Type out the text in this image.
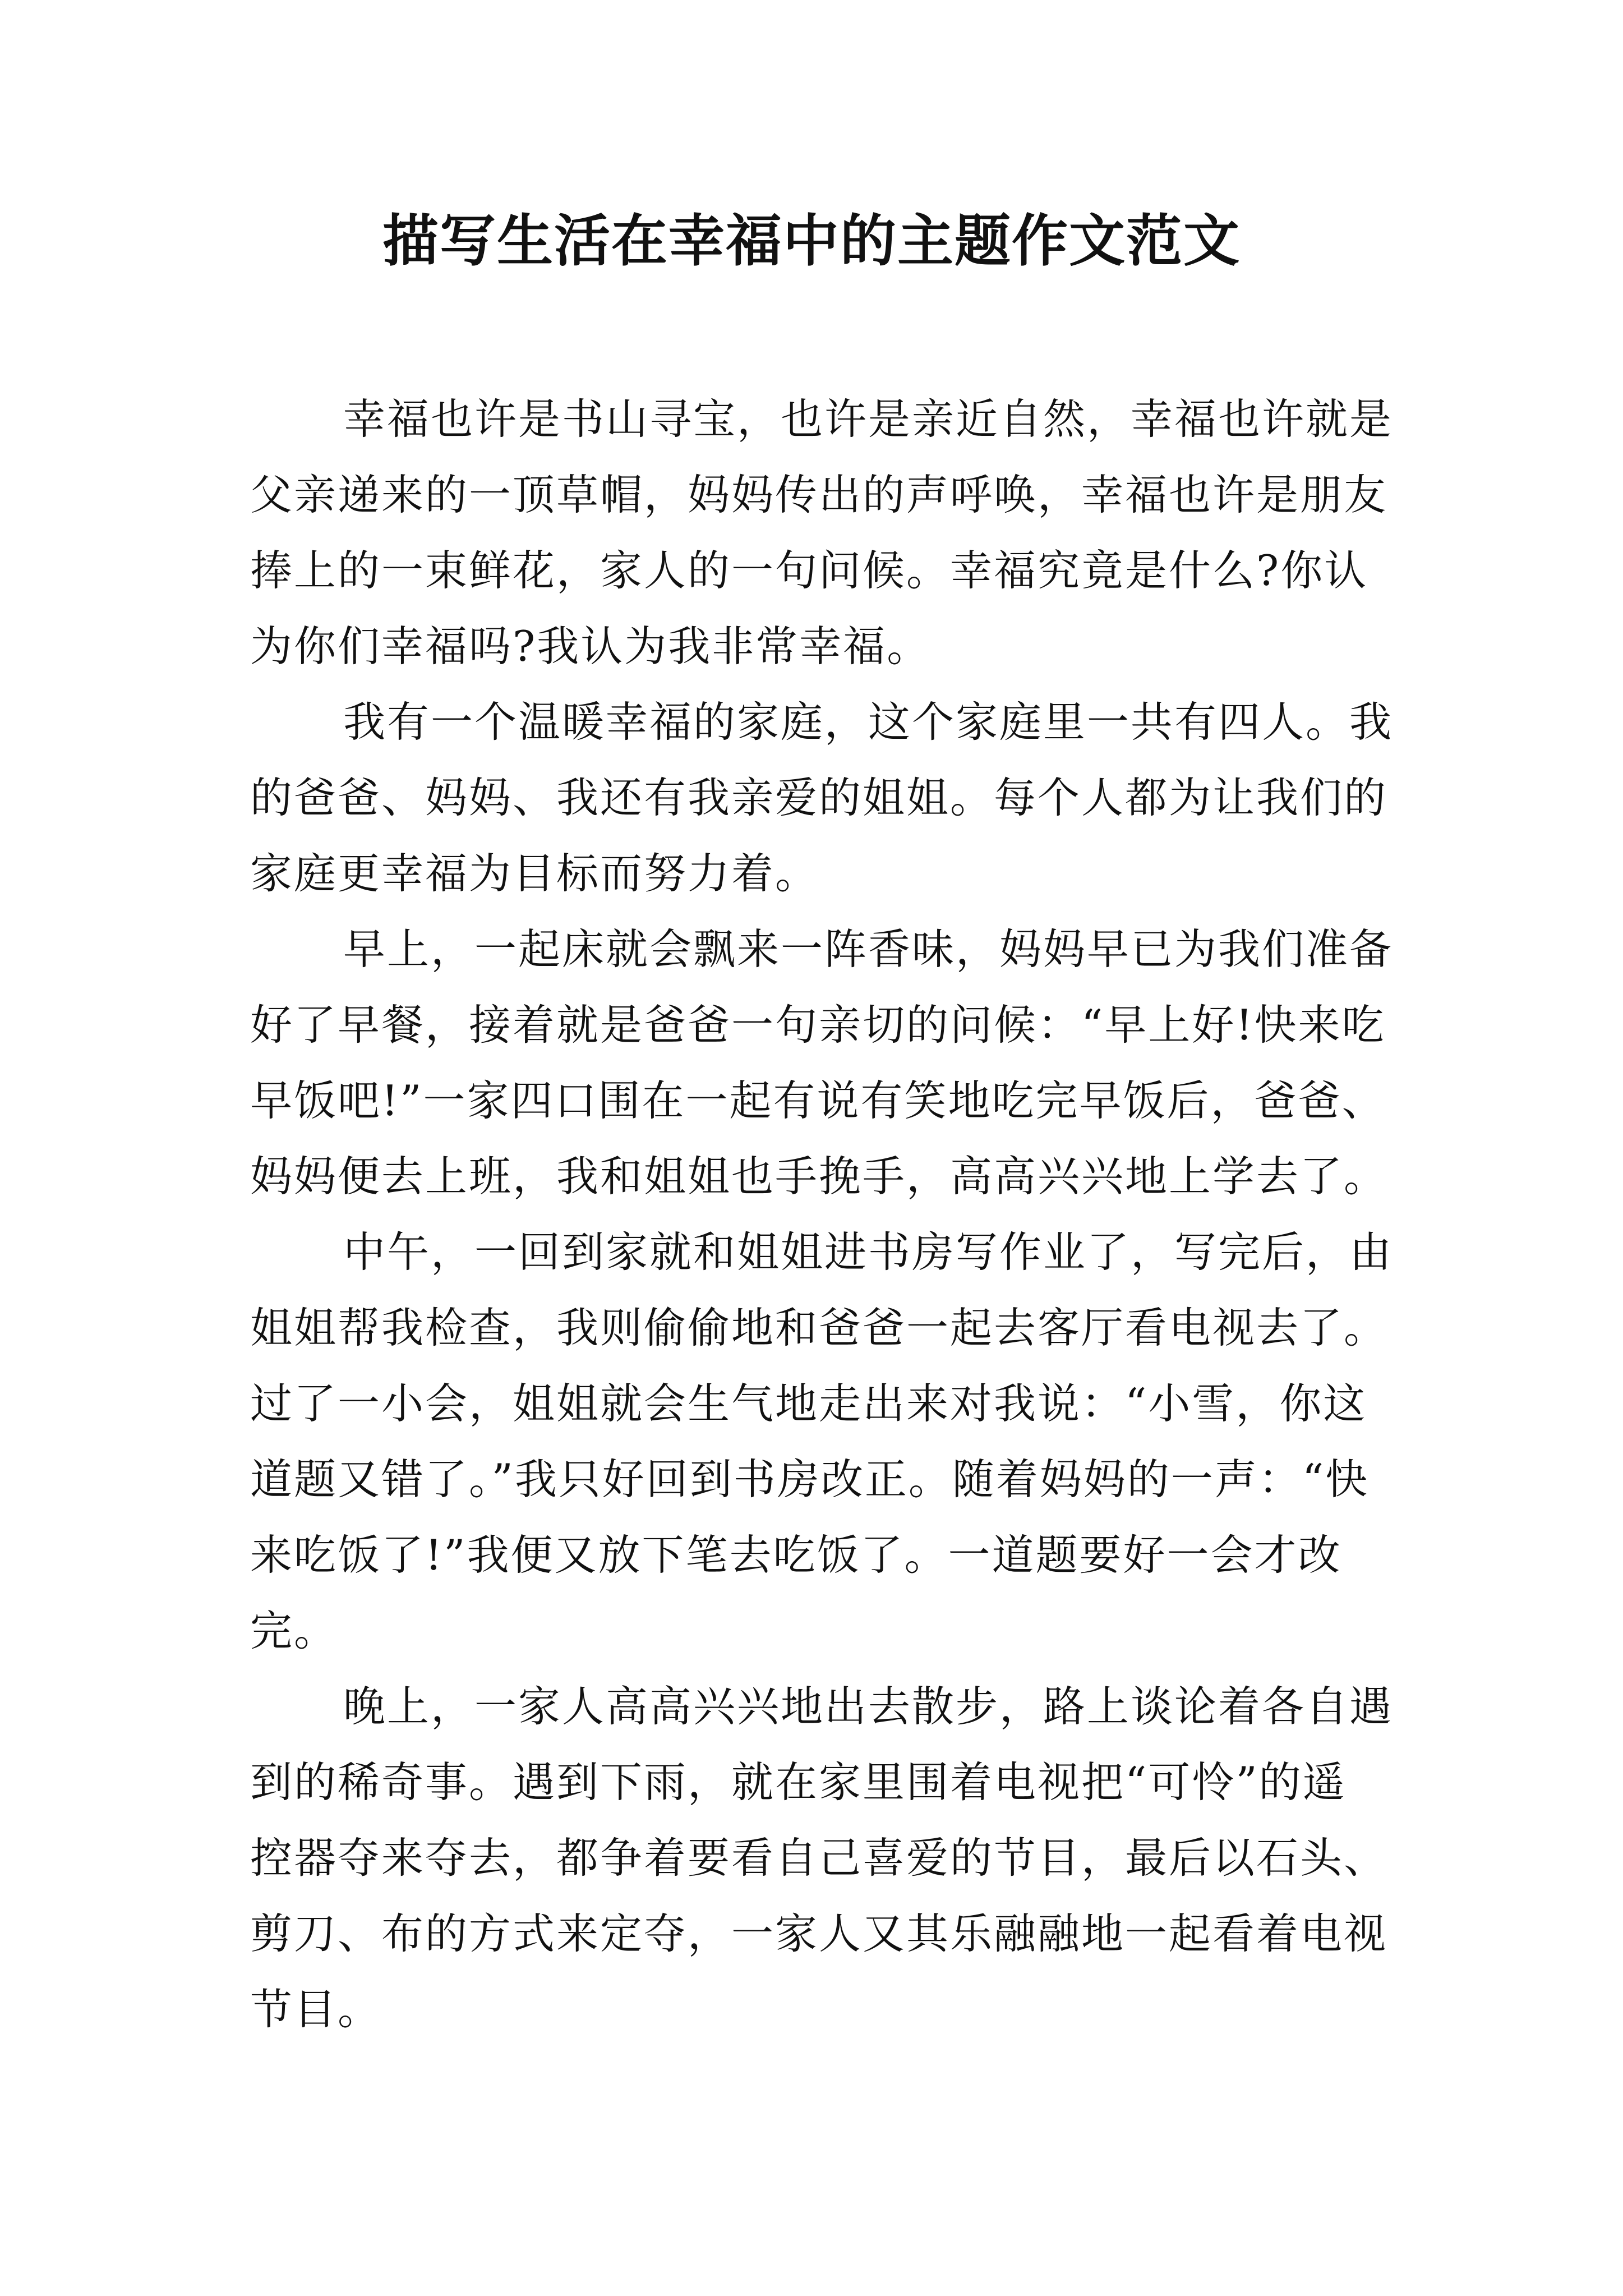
描写生活在幸福中的主题作文范文
幸福也许是书山寻宝，也许是亲近自然，幸福也许就是
父亲递来的一顶草帽，妈妈传出的声呼唤，幸福也许是朋友
捧上的一束鲜花，家人的一句问候。幸福究竟是什么?你认
为你们幸福吗?我认为我非常幸福。
我有一个温暖幸福的家庭，这个家庭里一共有四人。我
的爸爸、妈妈、我还有我亲爱的姐姐。每个人都为让我们的
家庭更幸福为目标而努力着。
早上，一起床就会飘来一阵香味，妈妈早已为我们准备
好了早餐，接着就是爸爸一句亲切的问候：“早上好!快来吃
早饭吧!”一家四口围在一起有说有笑地吃完早饭后，爸爸、
妈妈便去上班，我和姐姐也手挽手，高高兴兴地上学去了。
中午，一回到家就和姐姐进书房写作业了，写完后，由
姐姐帮我检查，我则偷偷地和爸爸一起去客厅看电视去了。
过了一小会，姐姐就会生气地走出来对我说：“小雪，你这
道题又错了。”我只好回到书房改正。随着妈妈的一声：“快
来吃饭了!”我便又放下笔去吃饭了。一道题要好一会才改
完。
晚上，一家人高高兴兴地出去散步，路上谈论着各自遇
到的稀奇事。遇到下雨，就在家里围着电视把“可怜”的遥
控器夺来夺去，都争着要看自己喜爱的节目，最后以石头、
剪刀、布的方式来定夺，一家人又其乐融融地一起看着电视
节目。
